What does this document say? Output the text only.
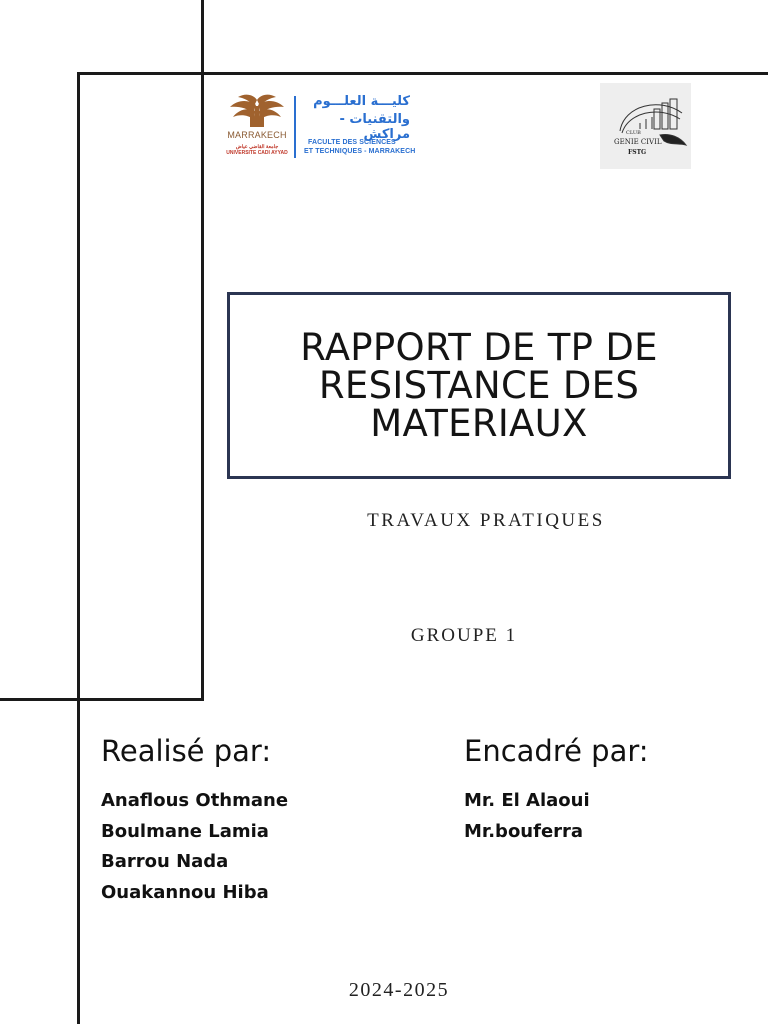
MARRAKECH
جامعة القاضي عياض UNIVERSITE CADI AYYAD
كليـــة العلـــوم
والتقنيات - مراكش
FACULTE DES SCIENCES
ET TECHNIQUES - MARRAKECH
CLUB
GENIE CIVIL
FSTG
RAPPORT DE TP DE
RESISTANCE DES
MATERIAUX
TRAVAUX PRATIQUES
GROUPE 1
Realisé par:

Anaflous Othmane

Boulmane Lamia

Barrou Nada

Ouakannou Hiba

Encadré par:

Mr. El Alaoui

Mr.bouferra

2024-2025
